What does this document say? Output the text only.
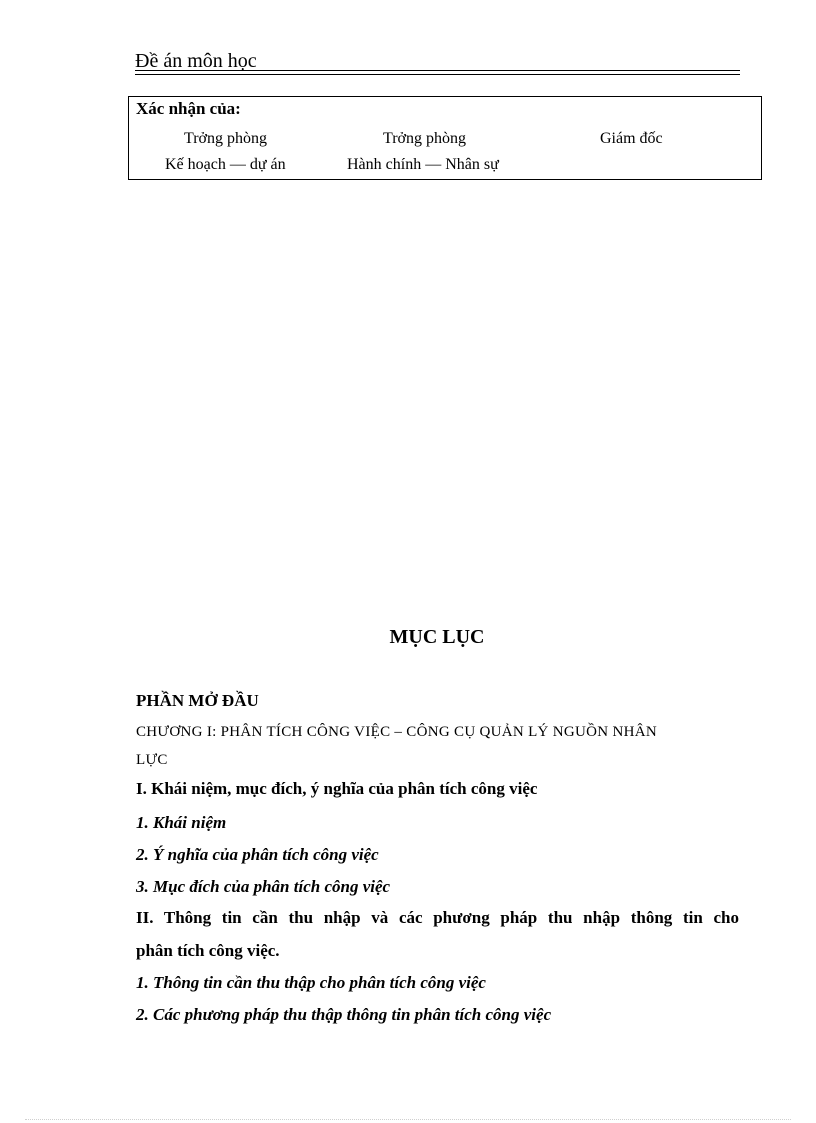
Đề án môn học
Xác nhận của:
Trởng phòng
Kế hoạch — dự án
Trởng phòng
Hành chính — Nhân sự
Giám đốc
MỤC LỤC
PHẦN MỞ ĐẦU
CHƯƠNG I: PHÂN TÍCH CÔNG VIỆC – CÔNG CỤ QUẢN LÝ NGUỒN NHÂN
LỰC
I. Khái niệm, mục đích, ý nghĩa của phân tích công việc
1. Khái niệm
2. Ý nghĩa của phân tích công việc
3. Mục đích của phân tích công việc
II. Thông tin cần thu nhập và các phương pháp thu nhập thông tin cho
phân tích công việc.
1. Thông tin cần thu thập cho phân tích công việc
2. Các phương pháp thu thập thông tin phân tích công việc
